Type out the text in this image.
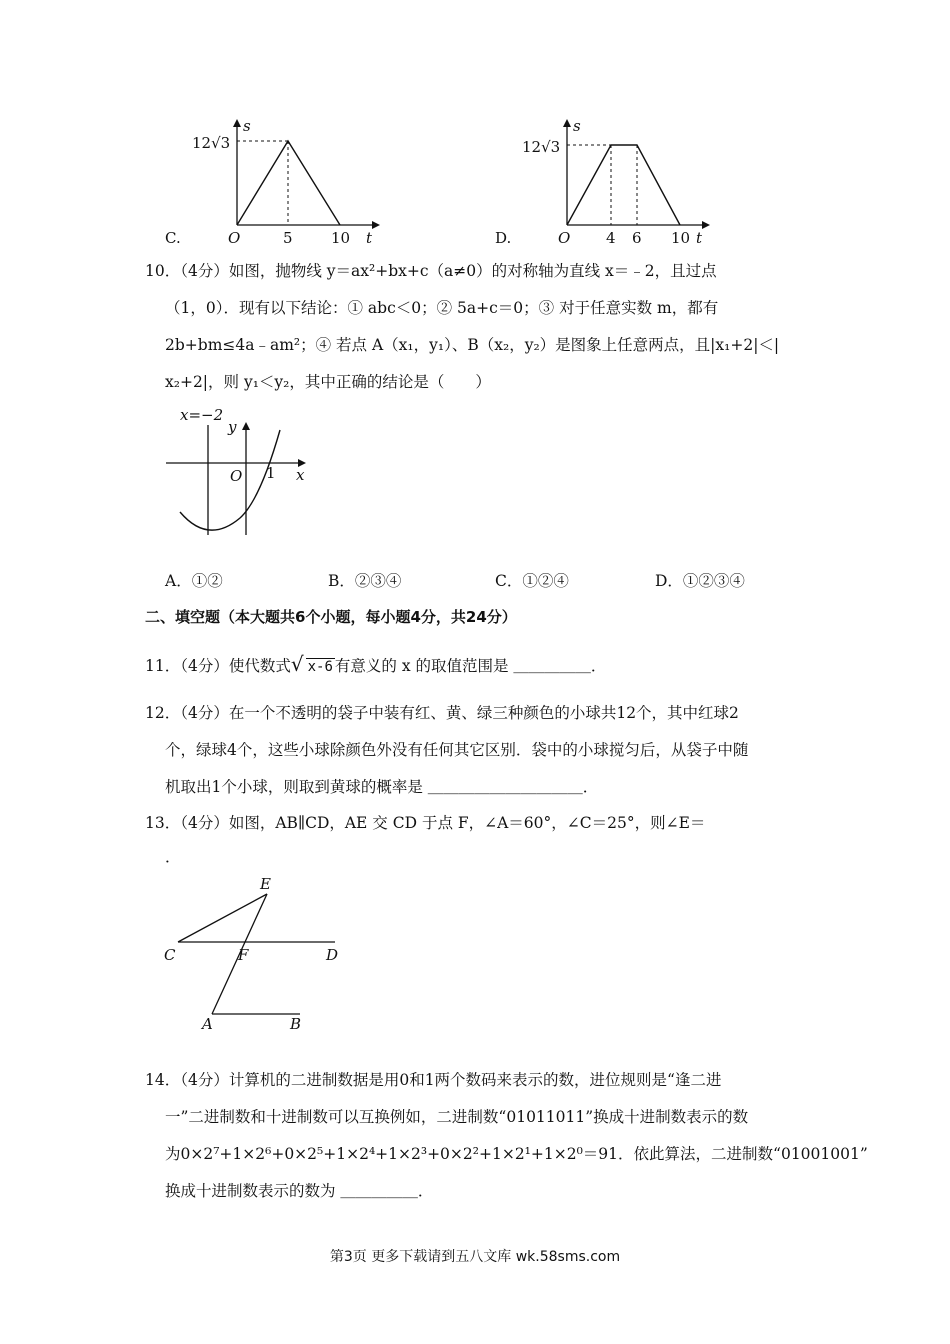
s
12√3
C.	O	5	10 t
s
12√3
D.	O 4 6 10 t
10．（4分）如图，抛物线 y＝ax²+bx+c（a≠0）的对称轴为直线 x＝﹣2，且过点
（1，0）．现有以下结论：① abc＜0；② 5a+c＝0；③ 对于任意实数 m，都有
2b+bm≤4a﹣am²；④ 若点 A（x₁，y₁）、B（x₂，y₂）是图象上任意两点，且|x₁+2|＜|
x₂+2|，则 y₁＜y₂，其中正确的结论是（　　）
x=−2
y
O 1 x
A．①②	B．②③④	C．①②④	D．①②③④
二、填空题（本大题共6个小题，每小题4分，共24分）
11．（4分）使代数式√ x-6 有意义的 x 的取值范围是 ＿＿＿＿＿．
12．（4分）在一个不透明的袋子中装有红、黄、绿三种颜色的小球共12个，其中红球2
个，绿球4个，这些小球除颜色外没有任何其它区别．袋中的小球搅匀后，从袋子中随
机取出1个小球，则取到黄球的概率是 ＿＿＿＿＿＿＿＿＿＿．
13．（4分）如图，AB∥CD，AE 交 CD 于点 F，∠A＝60°，∠C＝25°，则∠E＝
．
E
C	F	D
A	B
14．（4分）计算机的二进制数据是用0和1两个数码来表示的数，进位规则是“逢二进
一”二进制数和十进制数可以互换例如，二进制数“01011011”换成十进制数表示的数
为0×2⁷+1×2⁶+0×2⁵+1×2⁴+1×2³+0×2²+1×2¹+1×2⁰＝91．依此算法，二进制数“01001001”
换成十进制数表示的数为 ＿＿＿＿＿．
第3页 更多下载请到五八文库 wk.58sms.com
